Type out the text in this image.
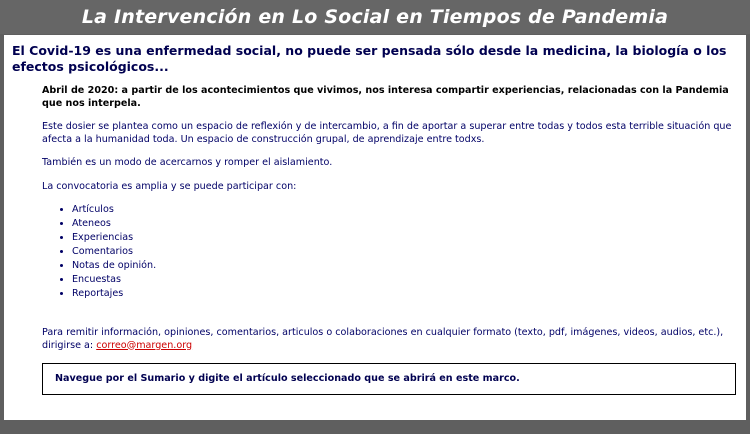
La Intervención en Lo Social en Tiempos de Pandemia
El Covid-19 es una enfermedad social, no puede ser pensada sólo desde la medicina, la biología o los efectos psicológicos...

Abril de 2020: a partir de los acontecimientos que vivimos, nos interesa compartir experiencias, relacionadas con la Pandemia que nos interpela.

Este dosier se plantea como un espacio de reflexión y de intercambio, a fin de aportar a superar entre todas y todos esta terrible situación que afecta a la humanidad toda. Un espacio de construcción grupal, de aprendizaje entre todxs.

También es un modo de acercarnos y romper el aislamiento.

La convocatoria es amplia y se puede participar con:

• Artículos
• Ateneos
• Experiencias
• Comentarios
• Notas de opinión.
• Encuestas
• Reportajes

Para remitir información, opiniones, comentarios, articulos o colaboraciones en cualquier formato (texto, pdf, imágenes, videos, audios, etc.), dirigirse a: correo@margen.org

Navegue por el Sumario y digite el artículo seleccionado que se abrirá en este marco.
